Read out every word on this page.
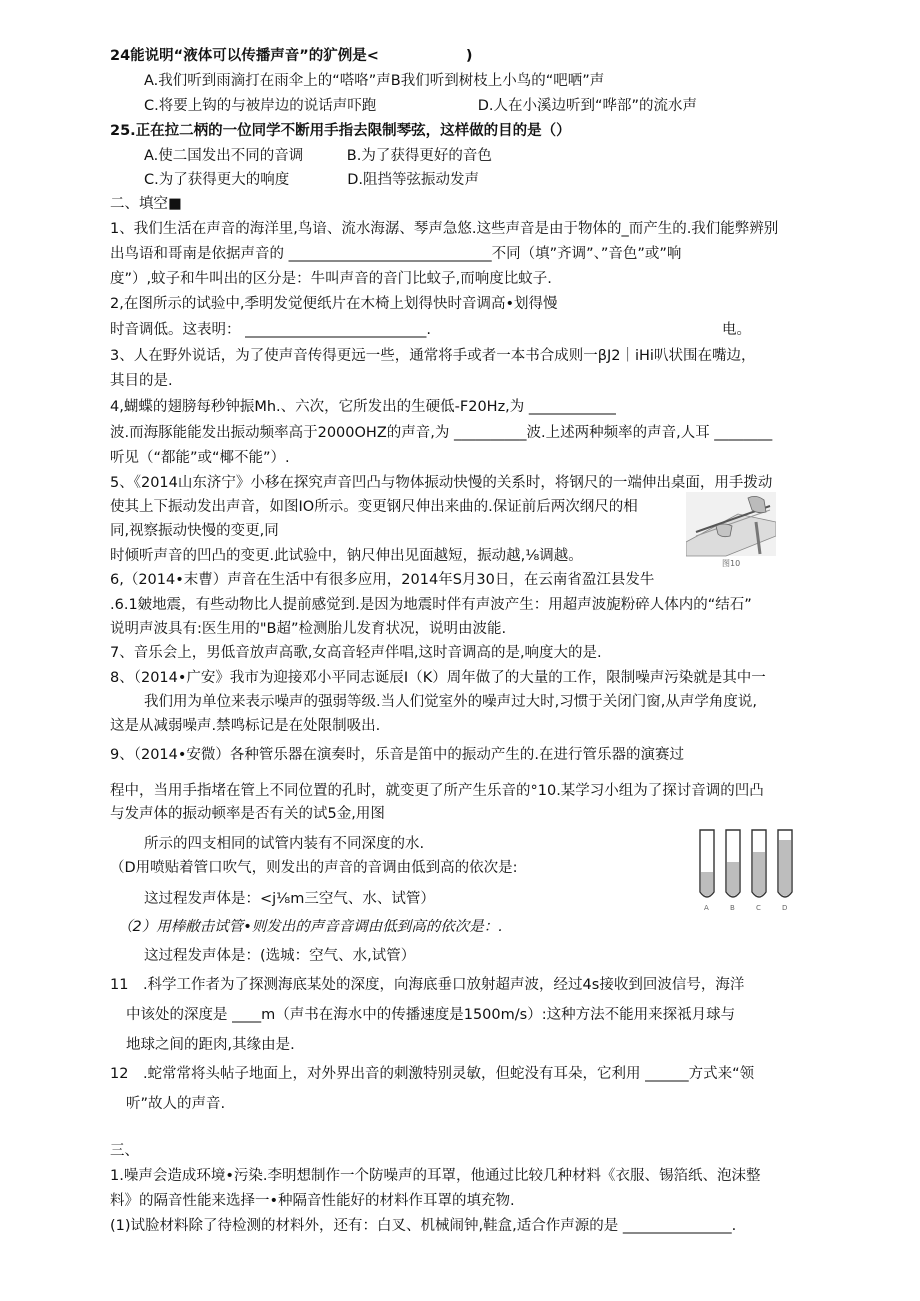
24能说明“液体可以传播声音”的犷例是<　　　　　　)
A.我们听到雨滴打在雨伞上的“嗒咯”声B我们听到树枝上小鸟的“吧哂”声
C.将要上钩的与被岸边的说话声吓跑　　　　　　　D.人在小溪边听到“哗部”的流水声
25.正在拉二柄的一位同学不断用手指去限制琴弦，这样做的目的是（）
A.使二国发出不同的音调　　　B.为了获得更好的音色
C.为了获得更大的响度　　　　D.阻挡等弦振动发声
二、填空■
1、我们生活在声音的海洋里,鸟谙、流水海潺、琴声急悠.这些声音是由于物体的_而产生的.我们能弊辨别
出鸟语和哥南是依据声音的 ____________________________不同（填”齐调”、”音色”或”响
度”）,蚊子和牛叫出的区分是：牛叫声音的音门比蚊子,而响度比蚊子.
2,在图所示的试验中,季明发觉便纸片在木椅上划得快时音调高•划得慢
时音调低。这表明： _________________________.	电。
3、人在野外说话，为了使声音传得更远一些，通常将手或者一本书合成则一βJ2｜iHi叭状围在嘴边，
其目的是.
4,蝴蝶的翅膀每秒钟振Mh.、六次，它所发出的生硬低-F20Hz,为 ____________
波.而海豚能能发出振动频率高于2000OHZ的声音,为 __________波.上述两种频率的声音,人耳 ________
听见（“都能”或“椰不能”）.
5、《2014山东济宁》小移在探究声音凹凸与物体振动快慢的关系时，将钢尺的一端伸出桌面，用手拨动
使其上下振动发出声音，如图IO所示。变更钢尺伸出来曲的.保证前后两次纲尺的相
同,视察振动快慢的变更,同
时倾听声音的凹凸的变更.此试验中，钠尺伸出见面越短，振动越,⅛调越。
6,（2014•末曹）声音在生活中有很多应用，2014年S月30日，在云南省盈江县发牛
.6.1皴地震，有些动物比人提前感觉到.是因为地震时伴有声波产生：用超声波旎粉碎人体内的“结石”
说明声波具有:医生用的"B超”检测胎儿发育状况，说明由波能.
7、音乐会上，男低音放声高歌,女高音轻声伴唱,这时音调高的是,响度大的是.
8、（2014•广安》我市为迎接邓小平同志诞辰I（K）周年做了的大量的工作，限制噪声污染就是其中一
我们用为单位来表示噪声的强弱等级.当人们觉室外的噪声过大时,习惯于关闭门窗,从声学角度说,
这是从减弱噪声.禁鸣标记是在处限制吸出.
9、（2014•安微）各种管乐器在演奏时，乐音是笛中的振动产生的.在进行管乐器的演赛过
程中，当用手指堵在管上不同位置的孔时，就变更了所产生乐音的°10.某学习小组为了探讨音调的凹凸
与发声体的振动顿率是否有关的试5金,用图
所示的四支相同的试管内装有不同深度的水.
（D用喷贴着管口吹气，则发出的声音的音调由低到高的依次是:
这过程发声体是：<j⅛m三空气、水、试管）
（2）用棒敝击试管•则发出的声音音调由低到高的依次是：.
这过程发声体是：(选城：空气、水,试管）
11　.科学工作者为了探测海底某处的深度，向海底垂口放射超声波，经过4s接收到回波信号，海洋
中该处的深度是 ____m（声书在海水中的传播速度是1500m∕s）:这种方法不能用来探祗月球与
地球之间的距肉,其缘由是.
12　.蛇常常将头帖子地面上，对外界出音的刺激特别灵敏，但蛇没有耳朵，它利用 ______方式来“领
听”故人的声音.
三、
1.噪声会造成环境•污染.李明想制作一个防噪声的耳罩，他通过比较几种材料《衣服、锡箔纸、泡沫整
料》的隔音性能来选择一•种隔音性能好的材料作耳罩的填充物.
(1)试脸材料除了待检测的材料外，还有：白叉、机械闹钟,鞋盒,适合作声源的是 _______________.
图10
A	B	C	D
